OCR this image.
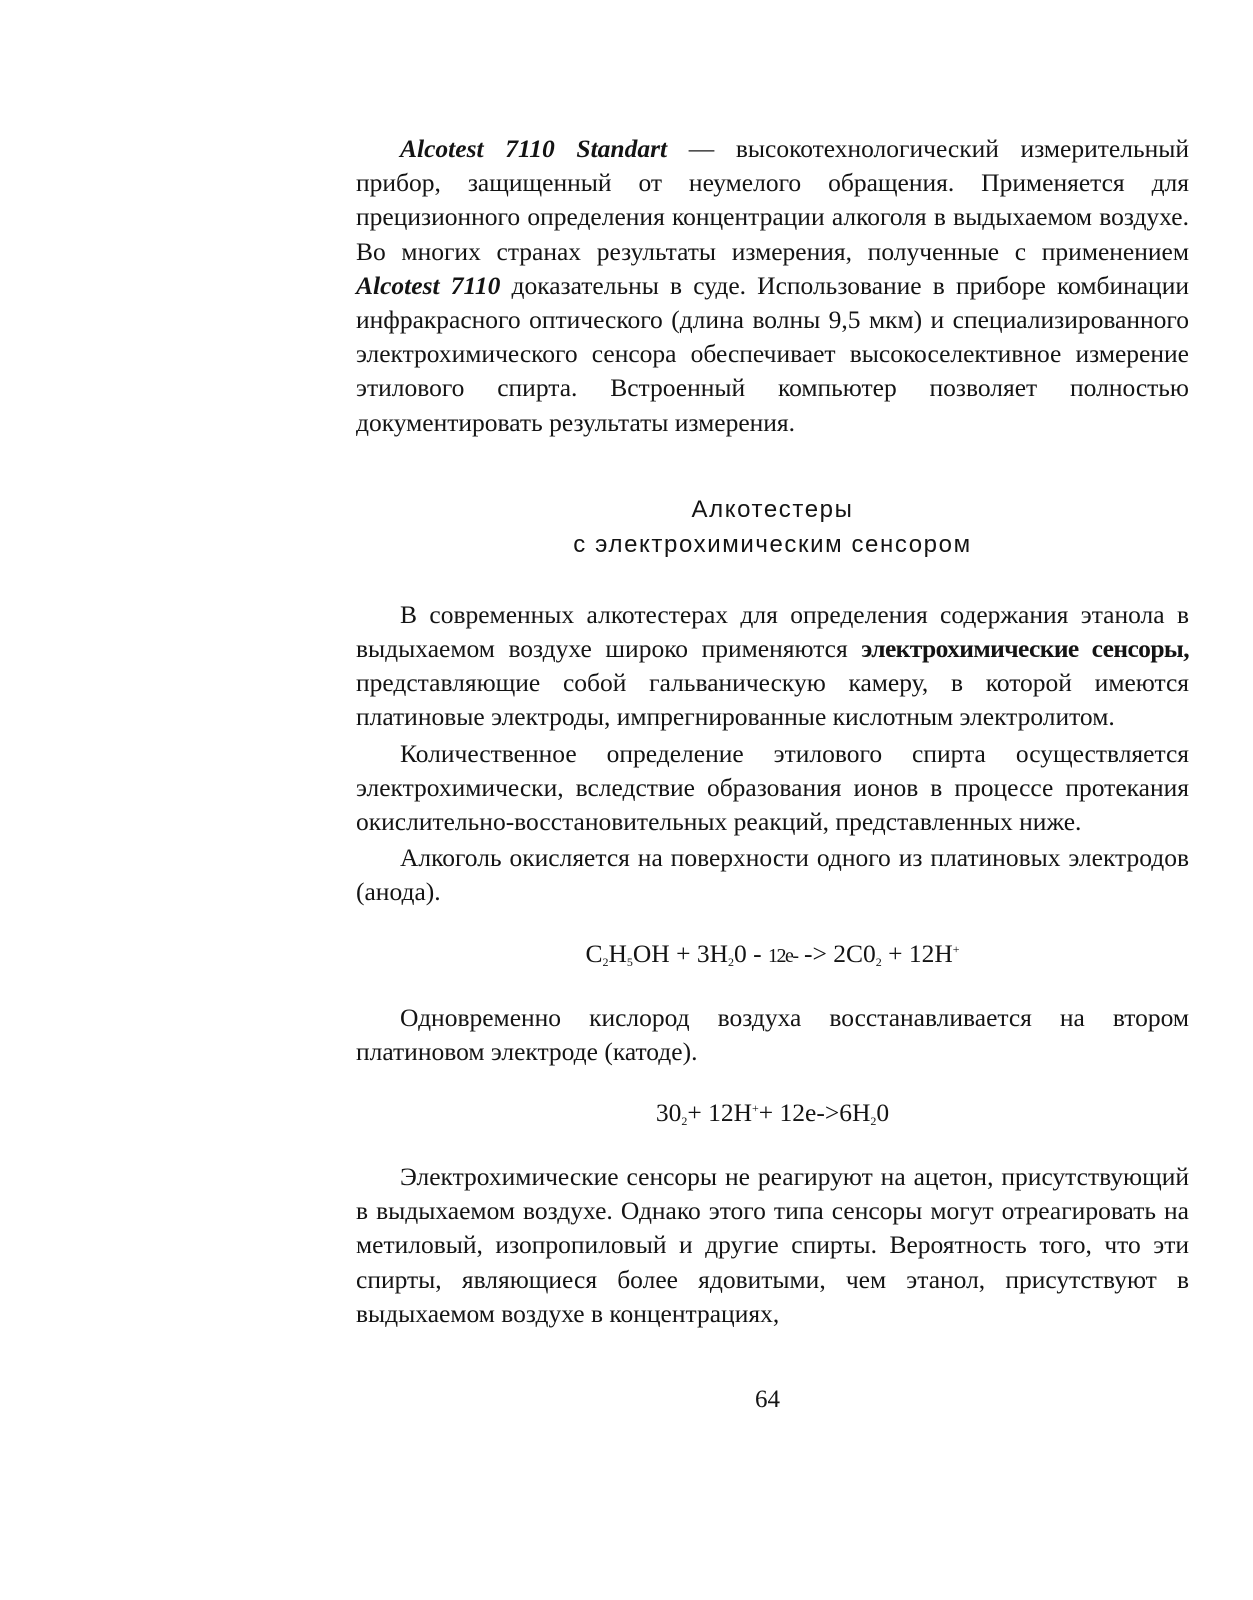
Alcotest 7110 Standart — высокотехнологический измерительный прибор, защищенный от неумелого обращения. Применяется для прецизионного определения концентрации алкоголя в выдыхаемом воздухе. Во многих странах результаты измерения, полученные с применением Alcotest 7110 доказательны в суде. Использование в приборе комбинации инфракрасного оптического (длина волны 9,5 мкм) и специализированного электрохимического сенсора обеспечивает высокоселективное измерение этилового спирта. Встроенный компьютер позволяет полностью документировать результаты измерения.

Алкотестеры
с электрохимическим сенсором

В современных алкотестерах для определения содержания этанола в выдыхаемом воздухе широко применяются электрохимические сенсоры, представляющие собой гальваническую камеру, в которой имеются платиновые электроды, импрегнированные кислотным электролитом.

Количественное определение этилового спирта осуществляется электрохимически, вследствие образования ионов в процессе протекания окислительно-восстановительных реакций, представленных ниже.

Алкоголь окисляется на поверхности одного из платиновых электродов (анода).

$C_2H_5OH + 3H_20 - 12e- -> 2C0_2 + 12H^+$

Одновременно кислород воздуха восстанавливается на втором платиновом электроде (катоде).

$30_2+ 12H^++ 12e->6H_20$

Электрохимические сенсоры не реагируют на ацетон, присутствующий в выдыхаемом воздухе. Однако этого типа сенсоры могут отреагировать на метиловый, изопропиловый и другие спирты. Вероятность того, что эти спирты, являющиеся более ядовитыми, чем этанол, присутствуют в выдыхаемом воздухе в концентрациях,

64
